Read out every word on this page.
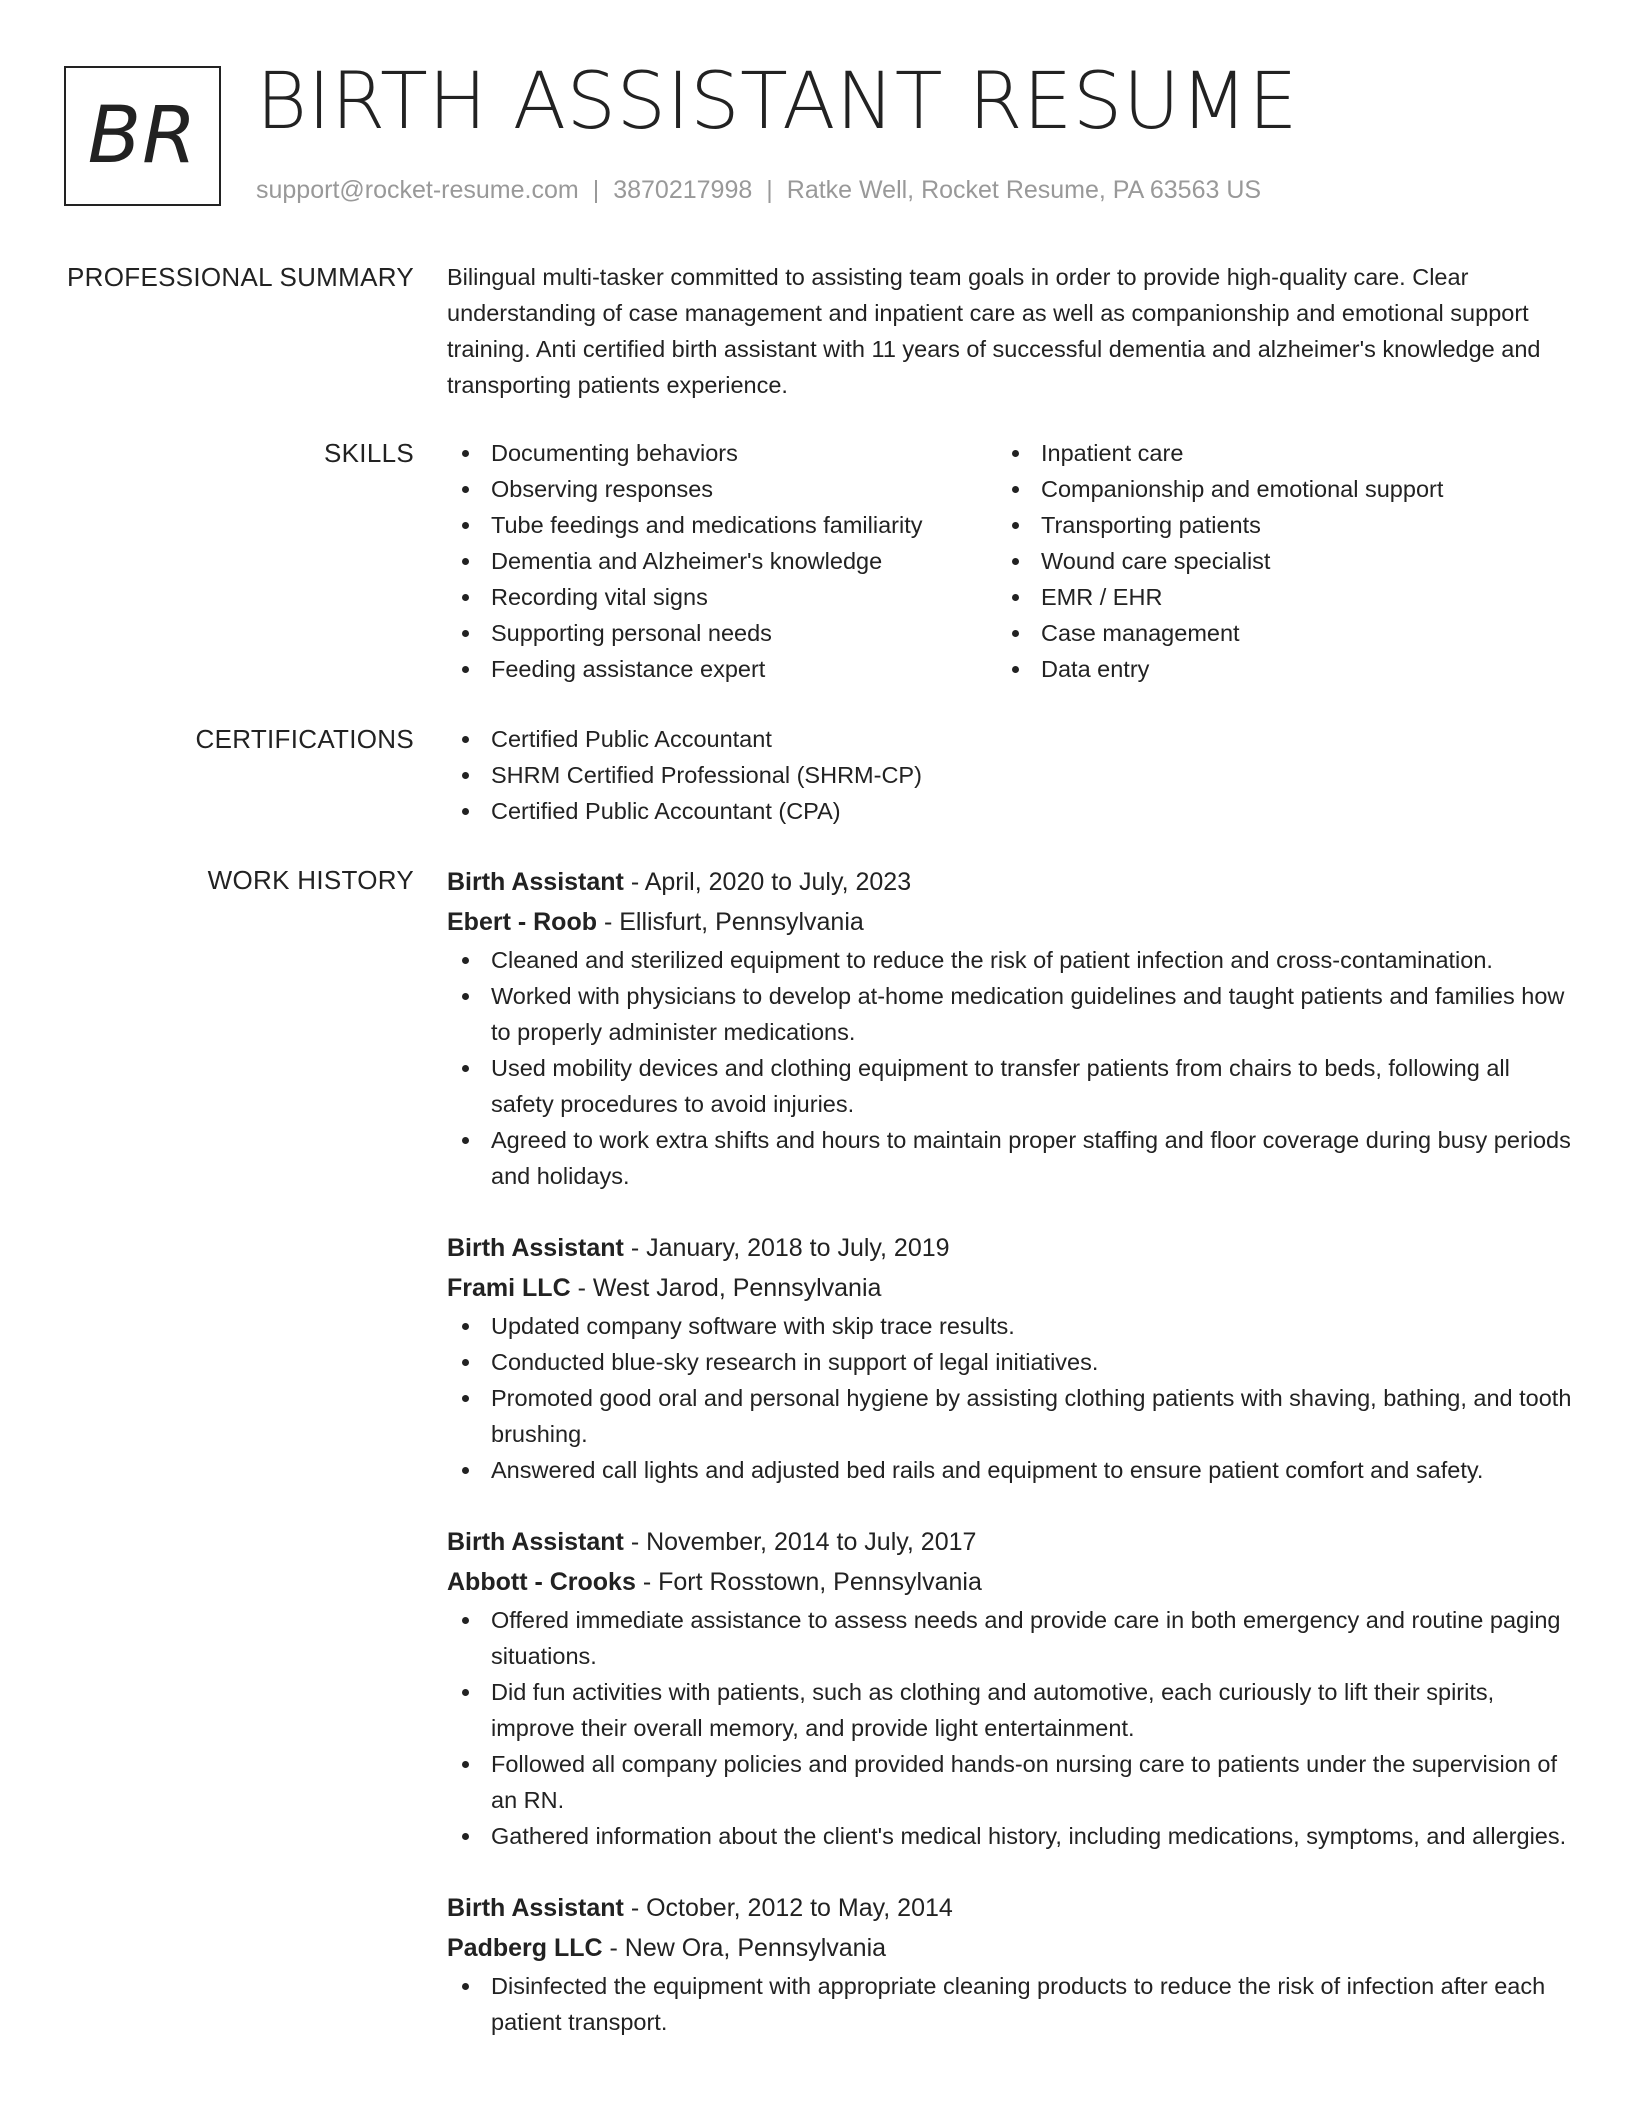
BR BIRTH ASSISTANT RESUME
support@rocket-resume.com | 3870217998 | Ratke Well, Rocket Resume, PA 63563 US
PROFESSIONAL SUMMARY Bilingual multi-tasker committed to assisting team goals in order to provide high-quality care. Clear understanding of case management and inpatient care as well as companionship and emotional support training. Anti certified birth assistant with 11 years of successful dementia and alzheimer's knowledge and transporting patients experience.

SKILLS	Documenting behaviors
Observing responses
Tube feedings and medications familiarity
Dementia and Alzheimer's knowledge
Recording vital signs
Supporting personal needs
Feeding assistance expert
Inpatient care
Companionship and emotional support
Transporting patients
Wound care specialist
EMR / EHR
Case management
Data entry
CERTIFICATIONS	Certified Public Accountant
SHRM Certified Professional (SHRM-CP)
Certified Public Accountant (CPA)
WORK HISTORY Birth Assistant - April, 2020 to July, 2023
Ebert - Roob - Ellisfurt, Pennsylvania
Cleaned and sterilized equipment to reduce the risk of patient infection and cross-contamination.
Worked with physicians to develop at-home medication guidelines and taught patients and families how to properly administer medications.
Used mobility devices and clothing equipment to transfer patients from chairs to beds, following all safety procedures to avoid injuries.
Agreed to work extra shifts and hours to maintain proper staffing and floor coverage during busy periods and holidays.
Birth Assistant - January, 2018 to July, 2019
Frami LLC - West Jarod, Pennsylvania
Updated company software with skip trace results.
Conducted blue-sky research in support of legal initiatives.
Promoted good oral and personal hygiene by assisting clothing patients with shaving, bathing, and tooth brushing.
Answered call lights and adjusted bed rails and equipment to ensure patient comfort and safety.
Birth Assistant - November, 2014 to July, 2017
Abbott - Crooks - Fort Rosstown, Pennsylvania
Offered immediate assistance to assess needs and provide care in both emergency and routine paging situations.
Did fun activities with patients, such as clothing and automotive, each curiously to lift their spirits, improve their overall memory, and provide light entertainment.
Followed all company policies and provided hands-on nursing care to patients under the supervision of an RN.
Gathered information about the client's medical history, including medications, symptoms, and allergies.
Birth Assistant - October, 2012 to May, 2014
Padberg LLC - New Ora, Pennsylvania
Disinfected the equipment with appropriate cleaning products to reduce the risk of infection after each patient transport.
